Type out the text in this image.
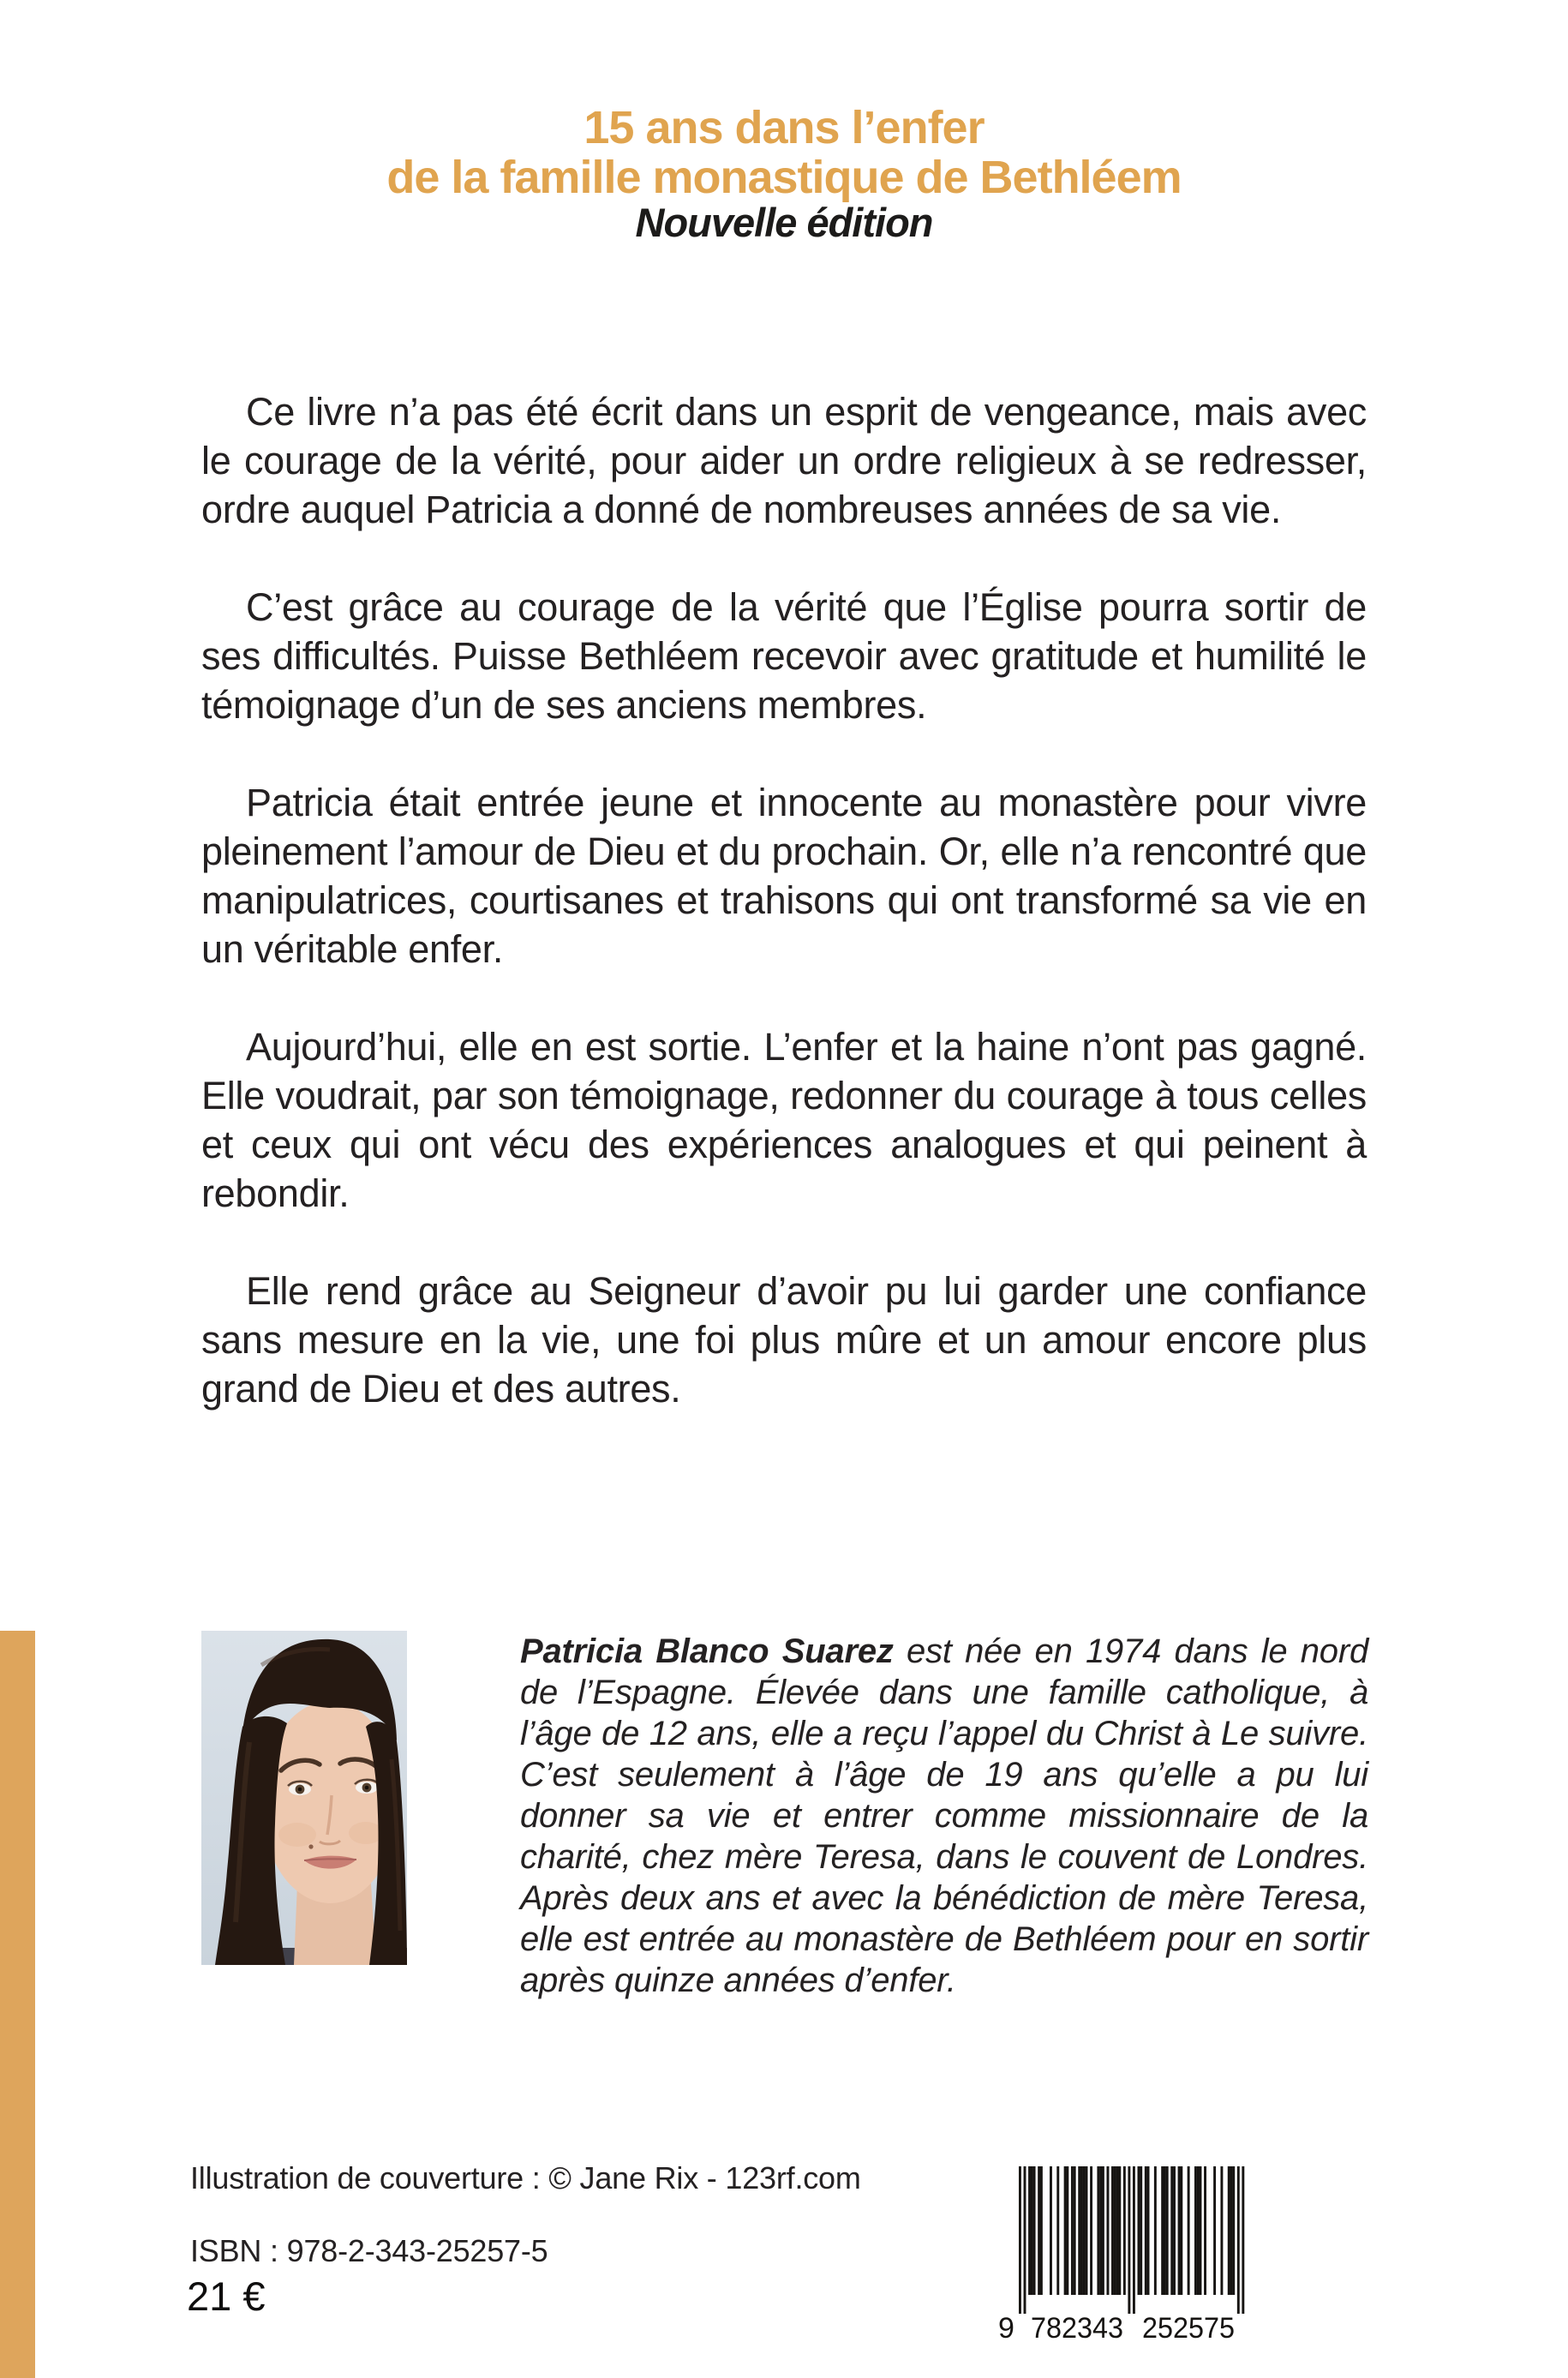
15 ans dans l’enfer
de la famille monastique de Bethléem
Nouvelle édition

Ce livre n’a pas été écrit dans un esprit de vengeance, mais avec le courage de la vérité, pour aider un ordre religieux à se redresser, ordre auquel Patricia a donné de nombreuses années de sa vie.

C’est grâce au courage de la vérité que l’Église pourra sortir de ses difficultés. Puisse Bethléem recevoir avec gratitude et humilité le témoignage d’un de ses anciens membres.

Patricia était entrée jeune et innocente au monastère pour vivre pleinement l’amour de Dieu et du prochain. Or, elle n’a rencontré que manipulatrices, courtisanes et trahisons qui ont transformé sa vie en un véritable enfer.

Aujourd’hui, elle en est sortie. L’enfer et la haine n’ont pas gagné. Elle voudrait, par son témoignage, redonner du courage à tous celles et ceux qui ont vécu des expériences analogues et qui peinent à rebondir.

Elle rend grâce au Seigneur d’avoir pu lui garder une confiance sans mesure en la vie, une foi plus mûre et un amour encore plus grand de Dieu et des autres.

Patricia Blanco Suarez est née en 1974 dans le nord de l’Espagne. Élevée dans une famille catholique, à l’âge de 12 ans, elle a reçu l’appel du Christ à Le suivre. C’est seulement à l’âge de 19 ans qu’elle a pu lui donner sa vie et entrer comme missionnaire de la charité, chez mère Teresa, dans le couvent de Londres. Après deux ans et avec la bénédiction de mère Teresa, elle est entrée au monastère de Bethléem pour en sortir après quinze années d’enfer.

Illustration de couverture : © Jane Rix - 123rf.com
ISBN : 978-2-343-25257-5
21 €
9 782343 252575
